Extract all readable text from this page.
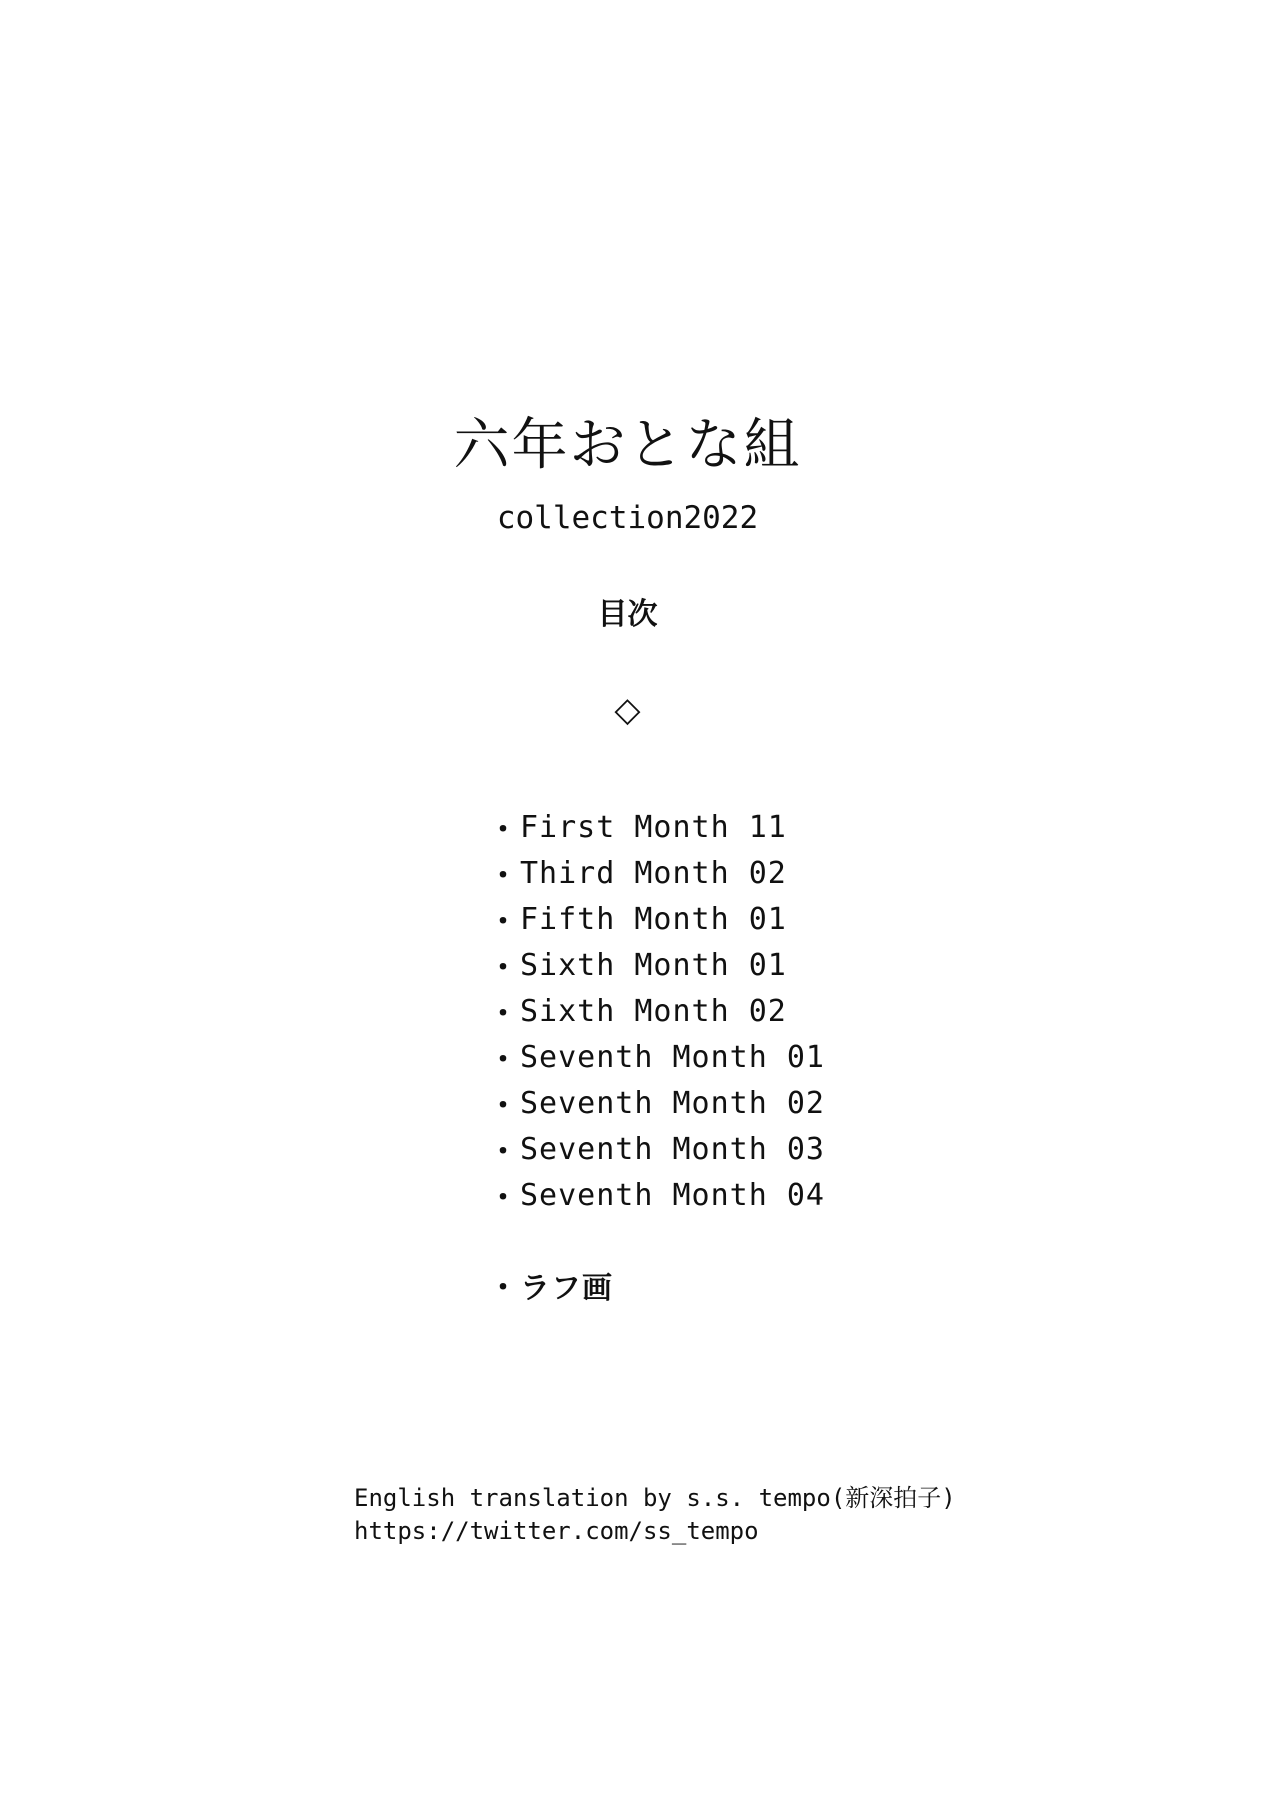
六年おとな組

collection2022

目次
◇
・ First Month 11
・ Third Month 02
・ Fifth Month 01
・ Sixth Month 01
・ Sixth Month 02
・ Seventh Month 01
・ Seventh Month 02
・ Seventh Month 03
・ Seventh Month 04
・ ラフ画
English translation by s.s. tempo(新深拍子)
https://twitter.com/ss_tempo
